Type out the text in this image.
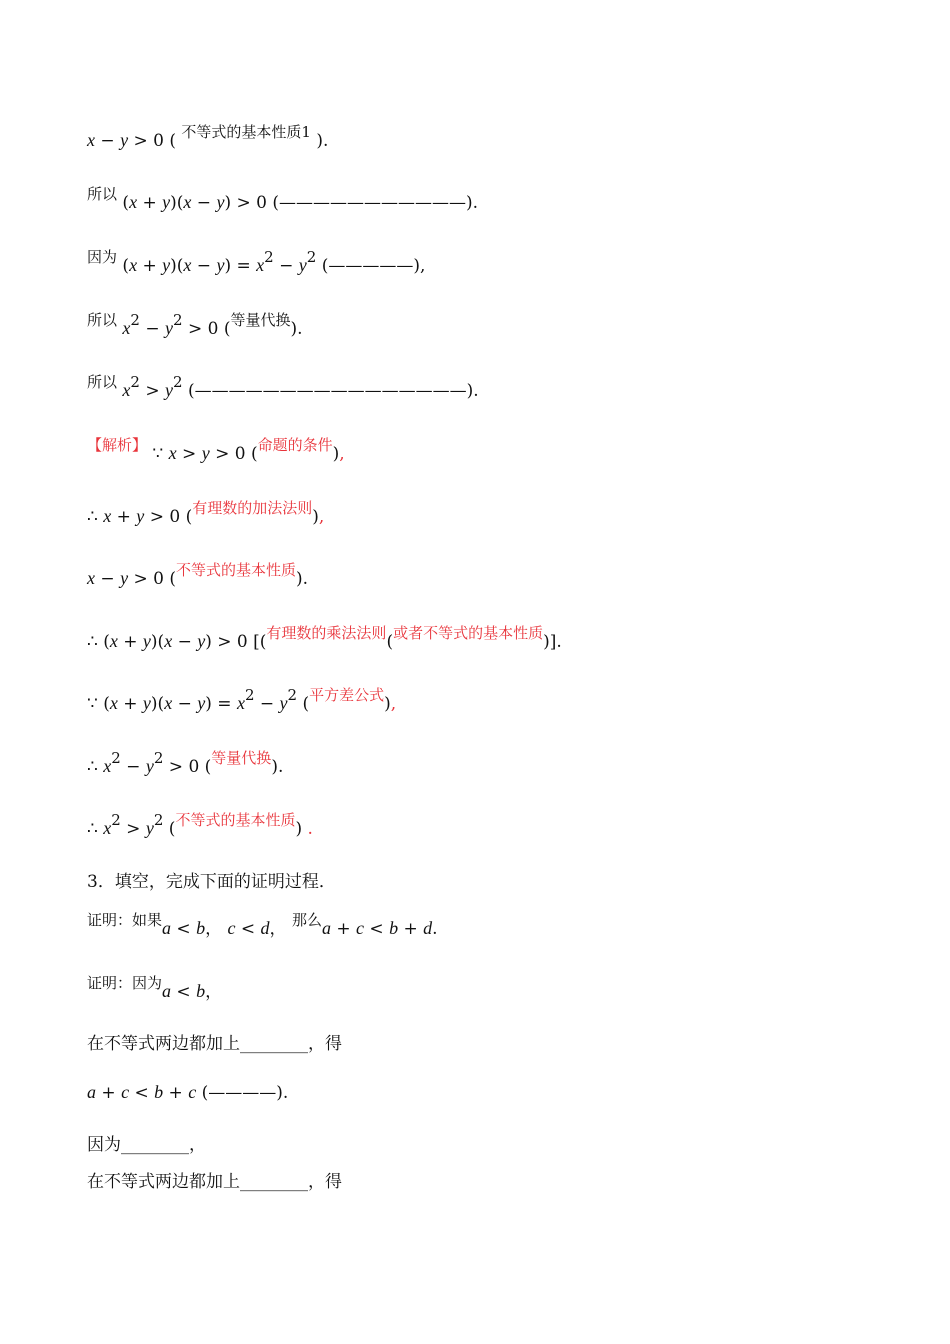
x − y > 0 ( 不等式的基本性质1 ).
所以 (x + y)(x − y) > 0 (———————————).
因为 (x + y)(x − y) = x2 − y2 (—————),
所以 x2 − y2 > 0 (等量代换).
所以 x2 > y2 (————————————————).
【解析】 ∵ x > y > 0 (命题的条件),
∴ x + y > 0 (有理数的加法法则),
x − y > 0 (不等式的基本性质).
∴ (x + y)(x − y) > 0 [(有理数的乘法法则(或者不等式的基本性质)].
∵ (x + y)(x − y) = x2 − y2 (平方差公式),
∴ x2 − y2 > 0 (等量代换).
∴ x2 > y2 (不等式的基本性质) .
3．填空，完成下面的证明过程．
证明：如果a < b， c < d， 那么a + c < b + d.
证明：因为a < b，
在不等式两边都加上________，得
a + c < b + c (————).
因为________，
在不等式两边都加上________，得
